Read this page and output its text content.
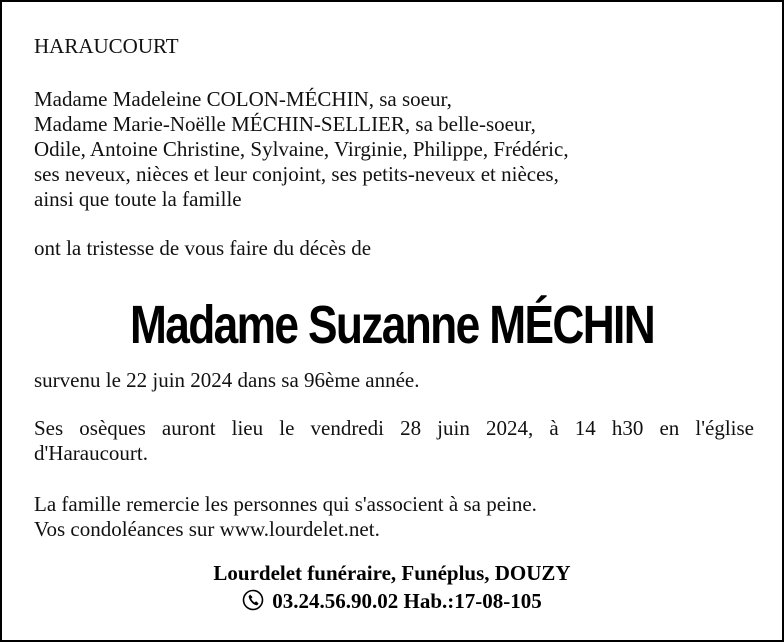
HARAUCOURT
Madame Madeleine COLON-MÉCHIN, sa soeur,
Madame Marie-Noëlle MÉCHIN-SELLIER, sa belle-soeur,
Odile, Antoine Christine, Sylvaine, Virginie, Philippe, Frédéric,
ses neveux, nièces et leur conjoint, ses petits-neveux et nièces,
ainsi que toute la famille
ont la tristesse de vous faire du décès de
Madame Suzanne MÉCHIN
survenu le 22 juin 2024 dans sa 96ème année.
Ses osèques auront lieu le vendredi 28 juin 2024, à 14 h30 en l'église
d'Haraucourt.
La famille remercie les personnes qui s'associent à sa peine.
Vos condoléances sur www.lourdelet.net.
Lourdelet funéraire, Funéplus, DOUZY
03.24.56.90.02 Hab.:17-08-105
